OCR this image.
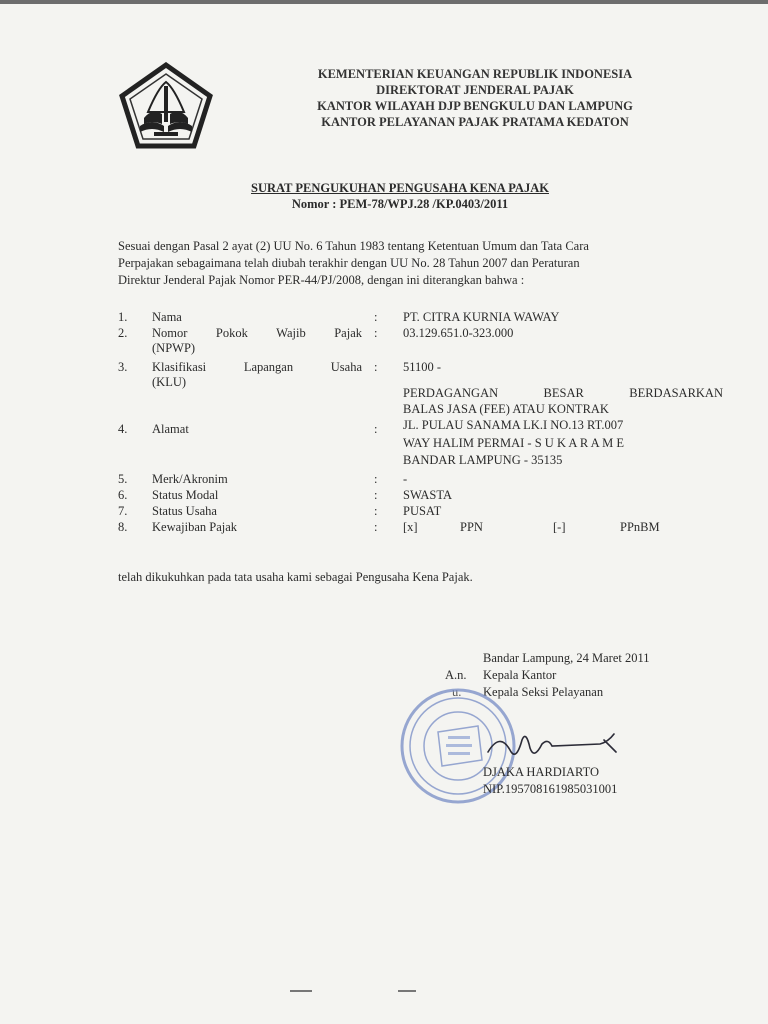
KEMENTERIAN KEUANGAN REPUBLIK INDONESIA
DIREKTORAT JENDERAL PAJAK
KANTOR WILAYAH DJP BENGKULU DAN LAMPUNG
KANTOR PELAYANAN PAJAK PRATAMA KEDATON
SURAT PENGUKUHAN PENGUSAHA KENA PAJAK
Nomor : PEM-78/WPJ.28 /KP.0403/2011
Sesuai dengan Pasal 2 ayat (2) UU No. 6 Tahun 1983 tentang Ketentuan Umum dan Tata Cara
Perpajakan sebagaimana telah diubah terakhir dengan UU No. 28 Tahun 2007 dan Peraturan
Direktur Jenderal Pajak Nomor PER-44/PJ/2008, dengan ini diterangkan bahwa :
1. Nama	: PT. CITRA KURNIA WAWAY
2. Nomor Pokok Wajib Pajak
(NPWP)
: 03.129.651.0-323.000
3. Klasifikasi Lapangan Usaha
(KLU)
: 51100 -
PERDAGANGAN BESAR BERDASARKAN
BALAS JASA (FEE) ATAU KONTRAK
4. Alamat	: JL. PULAU SANAMA LK.I NO.13 RT.007
WAY HALIM PERMAI - S U K A R A M E
BANDAR LAMPUNG - 35135
5. Merk/Akronim	: -
6. Status Modal	: SWASTA
7. Status Usaha	: PUSAT
8. Kewajiban Pajak	: [x]	PPN	[-]	PPnBM
telah dikukuhkan pada tata usaha kami sebagai Pengusaha Kena Pajak.
Bandar Lampung, 24 Maret 2011
A.n. Kepala Kantor
u. Kepala Seksi Pelayanan
DJAKA HARDIARTO
NIP.195708161985031001
